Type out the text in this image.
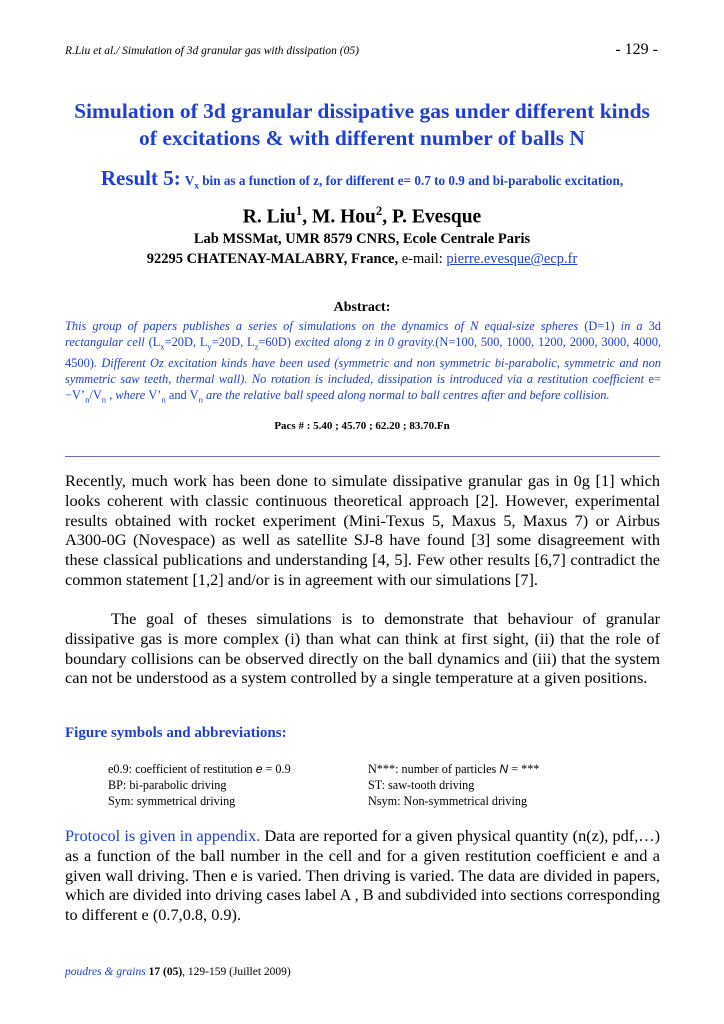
R.Liu et al./ Simulation of 3d granular gas with dissipation (05)	- 129 -
Simulation of 3d granular dissipative gas under different kinds
of excitations & with different number of balls N
Result 5: $V_x$ bin as a function of z, for different e= 0.7 to 0.9 and bi-parabolic excitation,
R. Liu$^1$, M. Hou$^2$, P. Evesque
Lab MSSMat, UMR 8579 CNRS, Ecole Centrale Paris
92295 CHATENAY-MALABRY, France, e-mail: pierre.evesque@ecp.fr
Abstract:
This group of papers publishes a series of simulations on the dynamics of N equal-size spheres (D=1) in a 3d rectangular cell ($L_x=20D$, $L_y=20D$, $L_z=60D$) excited along z in 0 gravity.(N=100, 500, 1000, 1200, 2000, 3000, 4000, 4500). Different Oz excitation kinds have been used (symmetric and non symmetric bi-parabolic, symmetric and non symmetric saw teeth, thermal wall). No rotation is included, dissipation is introduced via a restitution coefficient $e= -V’_n/V_n$ , where $V’_n$ and $V_n$ are the relative ball speed along normal to ball centres after and before collision.
Pacs # : 5.40 ; 45.70 ; 62.20 ; 83.70.Fn
Recently, much work has been done to simulate dissipative granular gas in 0g [1] which looks coherent with classic continuous theoretical approach [2]. However, experimental results obtained with rocket experiment (Mini-Texus 5, Maxus 5, Maxus 7) or Airbus A300-0G (Novespace) as well as satellite SJ-8 have found [3] some disagreement with these classical publications and understanding [4, 5]. Few other results [6,7] contradict the common statement [1,2] and/or is in agreement with our simulations [7].
The goal of theses simulations is to demonstrate that behaviour of granular dissipative gas is more complex (i) than what can think at first sight, (ii) that the role of boundary collisions can be observed directly on the ball dynamics and (iii) that the system can not be understood as a system controlled by a single temperature at a given positions.
Figure symbols and abbreviations:
e0.9: coefficient of restitution e = 0.9	N***: number of particles N = ***
BP: bi-parabolic driving	ST: saw-tooth driving
Sym: symmetrical driving	Nsym: Non-symmetrical driving
Protocol is given in appendix. Data are reported for a given physical quantity (n(z), pdf,…) as a function of the ball number in the cell and for a given restitution coefficient e and a given wall driving. Then e is varied. Then driving is varied. The data are divided in papers, which are divided into driving cases label A , B and subdivided into sections corresponding to different e (0.7,0.8, 0.9).
poudres & grains 17 (05), 129-159 (Juillet 2009)
